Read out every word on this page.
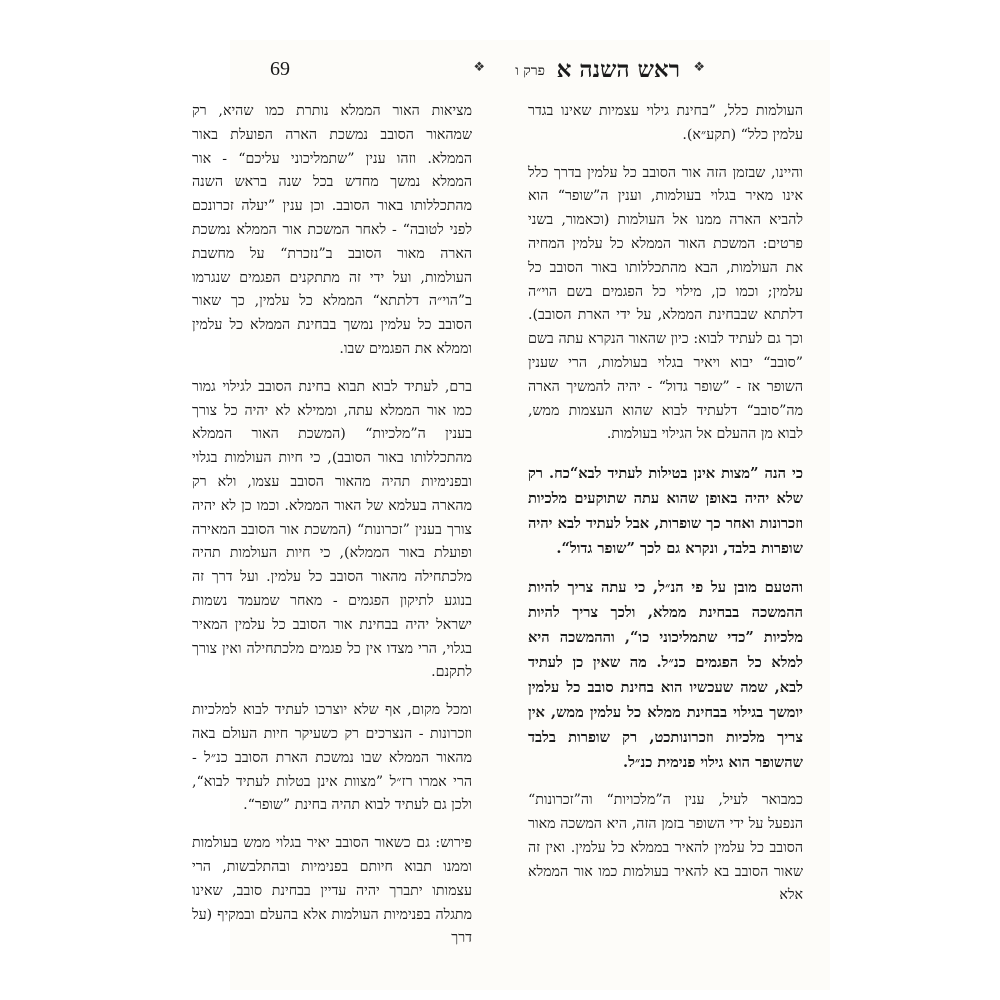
❖
ראש השנה א
פרק ו
❖
69

העולמות כלל, ”בחינת גילוי עצמיות שאינו בגדר עלמין כלל“ (תקע״א).

והיינו, שבזמן הזה אור הסובב כל עלמין בדרך כלל אינו מאיר בגלוי בעולמות, וענין ה”שופר“ הוא להביא הארה ממנו אל העולמות (וכאמור, בשני פרטים: המשכת האור הממלא כל עלמין המחיה את העולמות, הבא מהתכללותו באור הסובב כל עלמין; וכמו כן, מילוי כל הפגמים בשם הוי״ה דלתתא שבבחינת הממלא, על ידי הארת הסובב). וכך גם לעתיד לבוא: כיון שהאור הנקרא עתה בשם ”סובב“ יבוא ויאיר בגלוי בעולמות, הרי שענין השופר אז - ”שופר גדול“ - יהיה להמשיך הארה מה”סובב“ דלעתיד לבוא שהוא העצמות ממש, לבוא מן ההעלם אל הגילוי בעולמות.

כי הנה ”מצות אינן בטילות לעתיד לבא“כח. רק שלא יהיה באופן שהוא עתה שתוקעים מלכיות וזכרונות ואחר כך שופרות, אבל לעתיד לבא יהיה שופרות בלבד, ונקרא גם לכך ”שופר גדול“.

והטעם מובן על פי הנ״ל, כי עתה צריך להיות ההמשכה בבחינת ממלא, ולכך צריך להיות מלכיות ”כדי שתמליכוני כו“, וההמשכה היא למלא כל הפגמים כנ״ל. מה שאין כן לעתיד לבא, שמה שעכשיו הוא בחינת סובב כל עלמין יומשך בגילוי בבחינת ממלא כל עלמין ממש, אין צריך מלכיות וזכרונותכט, רק שופרות בלבד שהשופר הוא גילוי פנימית כנ״ל.

כמבואר לעיל, ענין ה”מלכויות“ וה”זכרונות“ הנפעל על ידי השופר בזמן הזה, היא המשכה מאור הסובב כל עלמין להאיר בממלא כל עלמין. ואין זה שאור הסובב בא להאיר בעולמות כמו אור הממלא אלא

מציאות האור הממלא נותרת כמו שהיא, רק שמהאור הסובב נמשכת הארה הפועלת באור הממלא. וזהו ענין ”שתמליכוני עליכם“ - אור הממלא נמשך מחדש בכל שנה בראש השנה מהתכללותו באור הסובב. וכן ענין ”יעלה זכרונכם לפני לטובה“ - לאחר המשכת אור הממלא נמשכת הארה מאור הסובב ב”נזכרת“ על מחשבת העולמות, ועל ידי זה מתתקנים הפגמים שנגרמו ב”הוי״ה דלתתא“ הממלא כל עלמין, כך שאור הסובב כל עלמין נמשך בבחינת הממלא כל עלמין וממלא את הפגמים שבו.

ברם, לעתיד לבוא תבוא בחינת הסובב לגילוי גמור כמו אור הממלא עתה, וממילא לא יהיה כל צורך בענין ה”מלכיות“ (המשכת האור הממלא מהתכללותו באור הסובב), כי חיות העולמות בגלוי ובפנימיות תהיה מהאור הסובב עצמו, ולא רק מהארה בעלמא של האור הממלא. וכמו כן לא יהיה צורך בענין ”זכרונות“ (המשכת אור הסובב המאירה ופועלת באור הממלא), כי חיות העולמות תהיה מלכתחילה מהאור הסובב כל עלמין. ועל דרך זה בנוגע לתיקון הפגמים - מאחר שמעמד נשמות ישראל יהיה בבחינת אור הסובב כל עלמין המאיר בגלוי, הרי מצדו אין כל פגמים מלכתחילה ואין צורך לתקנם.

ומכל מקום, אף שלא יוצרכו לעתיד לבוא למלכיות וזכרונות - הנצרכים רק כשעיקר חיות העולם באה מהאור הממלא שבו נמשכת הארת הסובב כנ״ל - הרי אמרו רז״ל ”מצוות אינן בטלות לעתיד לבוא“, ולכן גם לעתיד לבוא תהיה בחינת ”שופר“.

פירוש: גם כשאור הסובב יאיר בגלוי ממש בעולמות וממנו תבוא חיותם בפנימיות ובהתלבשות, הרי עצמותו יתברך יהיה עדיין בבחינת סובב, שאינו מתגלה בפנימיות העולמות אלא בהעלם ובמקיף (על דרך
